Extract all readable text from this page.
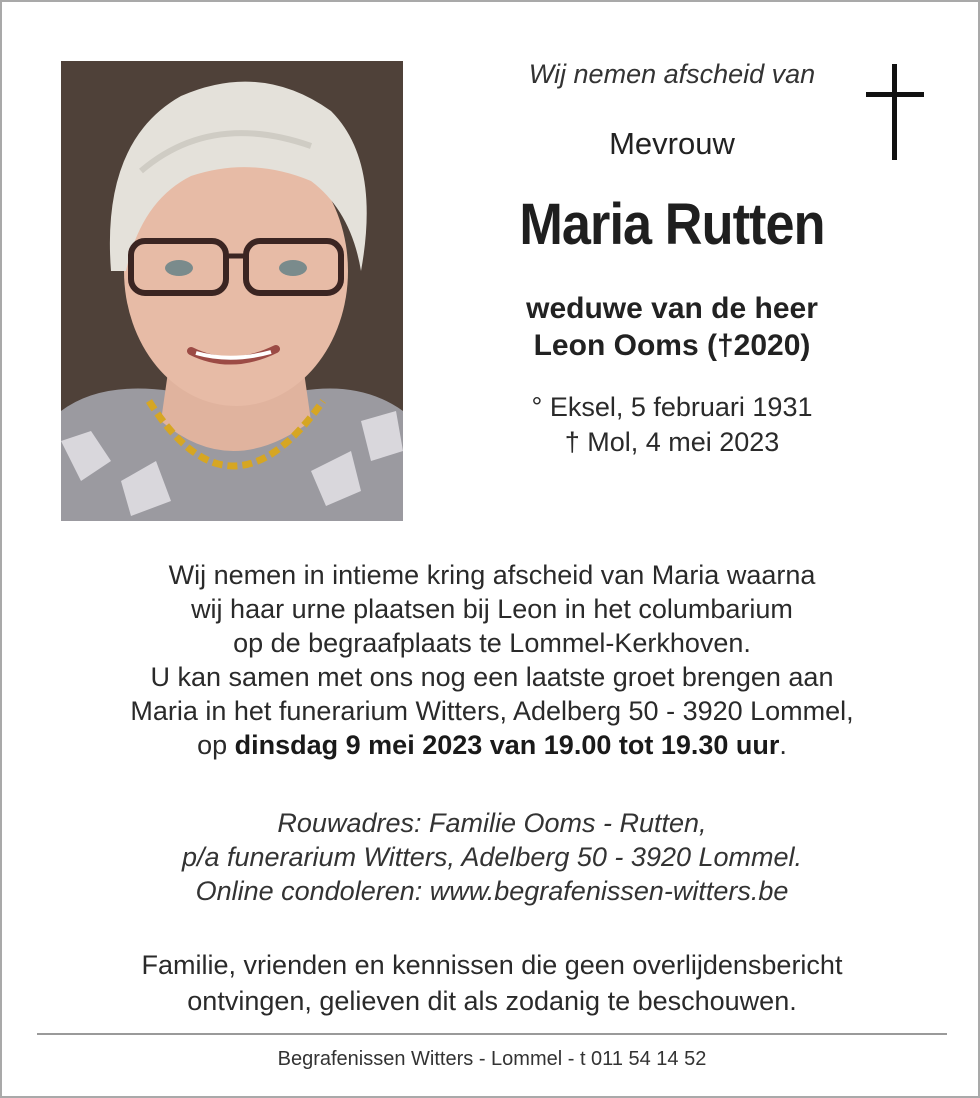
Wij nemen afscheid van
Mevrouw
Maria Rutten
weduwe van de heer
Leon Ooms (†2020)
° Eksel, 5 februari 1931
† Mol, 4 mei 2023
Wij nemen in intieme kring afscheid van Maria waarna
wij haar urne plaatsen bij Leon in het columbarium
op de begraafplaats te Lommel-Kerkhoven.
U kan samen met ons nog een laatste groet brengen aan
Maria in het funerarium Witters, Adelberg 50 - 3920 Lommel,
op dinsdag 9 mei 2023 van 19.00 tot 19.30 uur.
Rouwadres: Familie Ooms - Rutten,
p/a funerarium Witters, Adelberg 50 - 3920 Lommel.
Online condoleren: www.begrafenissen-witters.be
Familie, vrienden en kennissen die geen overlijdensbericht
ontvingen, gelieven dit als zodanig te beschouwen.
Begrafenissen Witters - Lommel - t 011 54 14 52
